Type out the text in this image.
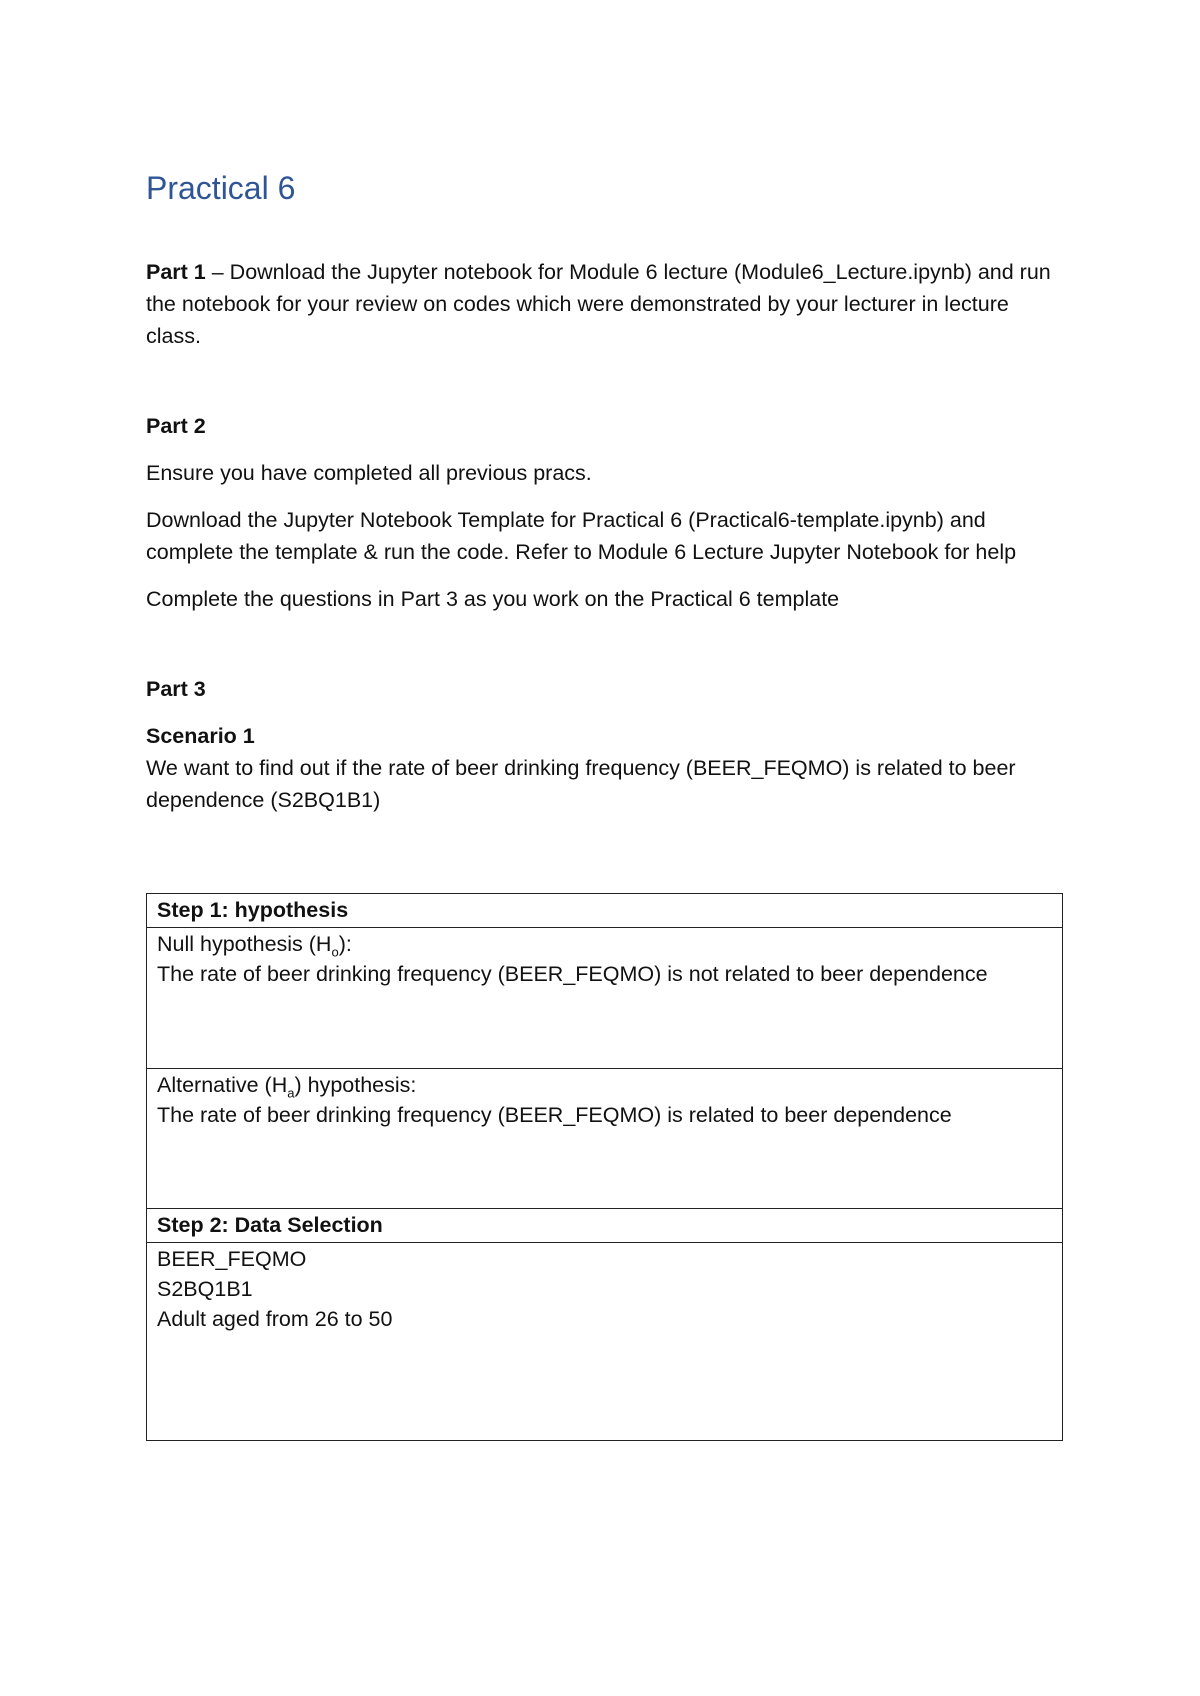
Practical 6

Part 1 – Download the Jupyter notebook for Module 6 lecture (Module6_Lecture.ipynb) and run the notebook for your review on codes which were demonstrated by your lecturer in lecture class.

Part 2

Ensure you have completed all previous pracs.

Download the Jupyter Notebook Template for Practical 6 (Practical6-template.ipynb) and complete the template & run the code. Refer to Module 6 Lecture Jupyter Notebook for help

Complete the questions in Part 3 as you work on the Practical 6 template

Part 3

Scenario 1

We want to find out if the rate of beer drinking frequency (BEER_FEQMO) is related to beer dependence (S2BQ1B1)

Step 1: hypothesis

Null hypothesis $(H_o)$:
The rate of beer drinking frequency (BEER_FEQMO) is not related to beer dependence

Alternative $(H_a)$ hypothesis:
The rate of beer drinking frequency (BEER_FEQMO) is related to beer dependence

Step 2: Data Selection

BEER_FEQMO
S2BQ1B1
Adult aged from 26 to 50
